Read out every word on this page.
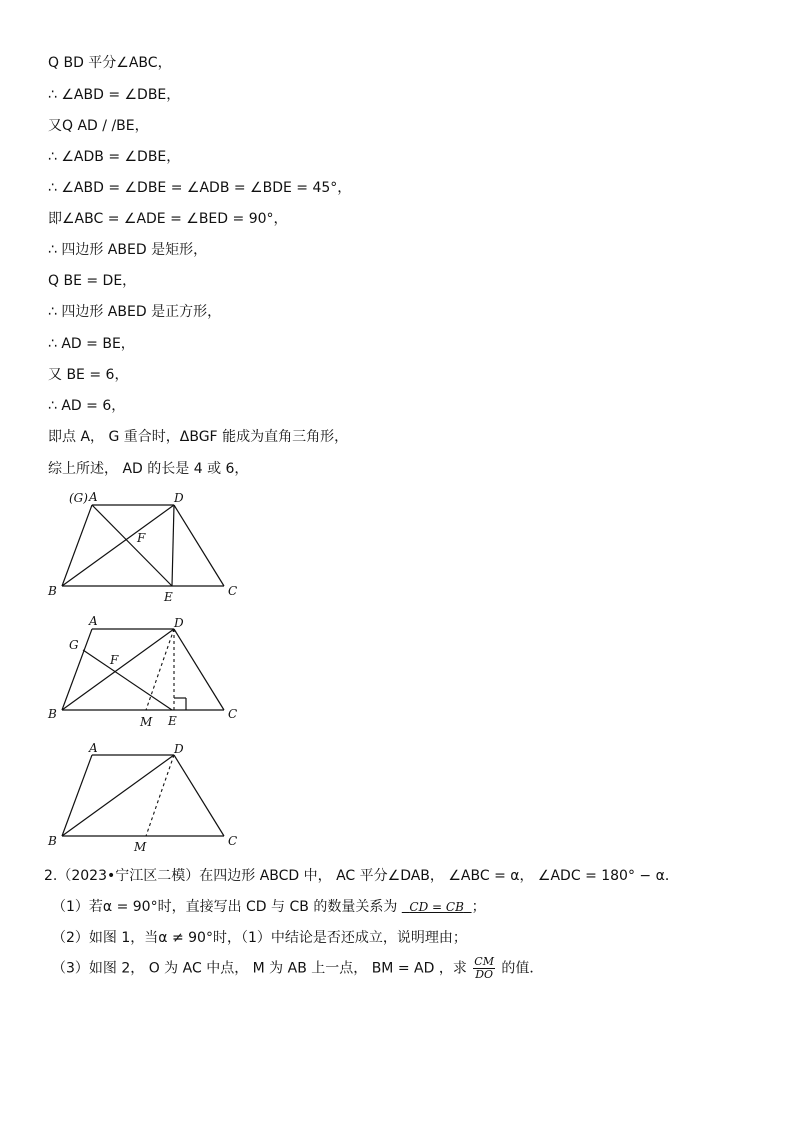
Q BD 平分∠ABC，
∴ ∠ABD = ∠DBE，
又Q AD / /BE，
∴ ∠ADB = ∠DBE，
∴ ∠ABD = ∠DBE = ∠ADB = ∠BDE = 45°，
即∠ABC = ∠ADE = ∠BED = 90°，
∴ 四边形 ABED 是矩形，
Q BE = DE，
∴ 四边形 ABED 是正方形，
∴ AD = BE，
又 BE = 6，
∴ AD = 6，
即点 A， G 重合时，ΔBGF 能成为直角三角形，
综上所述， AD 的长是 4 或 6，
(G) A	D
F
B	E	C
A	D
G
F
B
M E	C
A	D
B	M	C
2.（2023•宁江区二模）在四边形 ABCD 中， AC 平分∠DAB， ∠ABC = α， ∠ADC = 180° − α．
（1）若α = 90°时，直接写出 CD 与 CB 的数量关系为 CD = CB ；
（2）如图 1，当α ≠ 90°时，（1）中结论是否还成立，说明理由；
（3）如图 2， O 为 AC 中点， M 为 AB 上一点， BM = AD ，求 $\frac{CM}{DO}$ 的值．
